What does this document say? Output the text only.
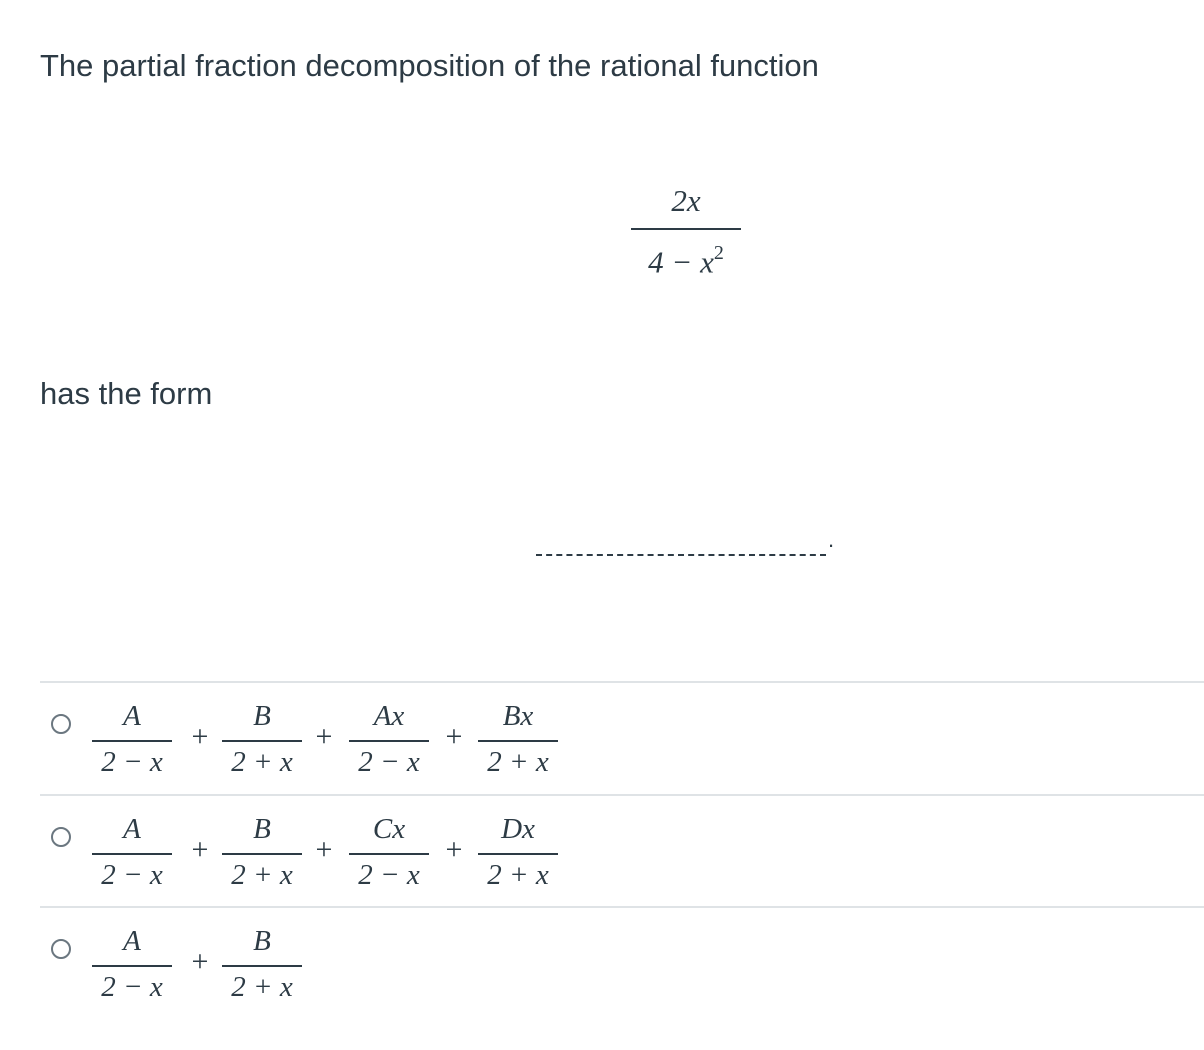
The partial fraction decomposition of the rational function
2x
$4 - x^2$
has the form
.
A
2 − x
+
B
2 + x
+
Ax
2 − x
+
Bx
2 + x
A
2 − x
+
B
2 + x
+
Cx
2 − x
+
Dx
2 + x
A
2 − x
+
B
2 + x
